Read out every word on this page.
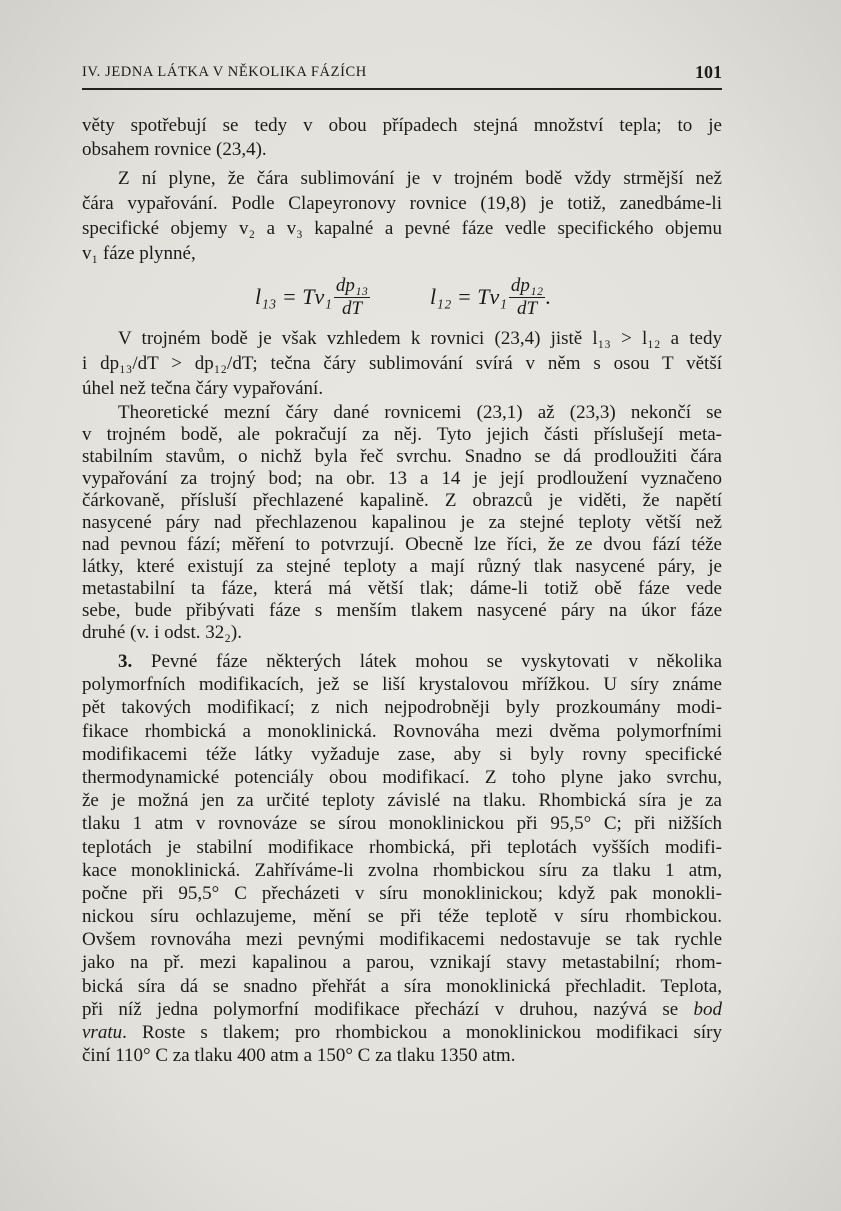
IV. JEDNA LÁTKA V NĚKOLIKA FÁZÍCH	101
věty spotřebují se tedy v obou případech stejná množství tepla; to je
obsahem rovnice (23,4).
Z ní plyne, že čára sublimování je v trojném bodě vždy strmější než
čára vypařování. Podle Clapeyronovy rovnice (19,8) je totiž, zanedbáme-li
specifické objemy v₂ a v₃ kapalné a pevné fáze vedle specifického objemu
v₁ fáze plynné,
$l_{13} = Tv_1 \frac{\text{dp₁₃}}{dT}$	$l_{12} = Tv_1 \frac{\text{dp₁₂}}{dT}$ .
V trojném bodě je však vzhledem k rovnici (23,4) jistě l₁₃ > l₁₂ a tedy
i dp₁₃/dT > dp₁₂/dT; tečna čáry sublimování svírá v něm s osou T větší
úhel než tečna čáry vypařování.
Theoretické mezní čáry dané rovnicemi (23,1) až (23,3) nekončí se
v trojném bodě, ale pokračují za něj. Tyto jejich části příslušejí meta-
stabilním stavům, o nichž byla řeč svrchu. Snadno se dá prodloužiti čára
vypařování za trojný bod; na obr. 13 a 14 je její prodloužení vyznačeno
čárkovaně, přísluší přechlazené kapalině. Z obrazců je viděti, že napětí
nasycené páry nad přechlazenou kapalinou je za stejné teploty větší než
nad pevnou fází; měření to potvrzují. Obecně lze říci, že ze dvou fází téže
látky, které existují za stejné teploty a mají různý tlak nasycené páry, je
metastabilní ta fáze, která má větší tlak; dáme-li totiž obě fáze vede
sebe, bude přibývati fáze s menším tlakem nasycené páry na úkor fáze
druhé (v. i odst. 32₂).
3. Pevné fáze některých látek mohou se vyskytovati v několika
polymorfních modifikacích, jež se liší krystalovou mřížkou. U síry známe
pět takových modifikací; z nich nejpodrobněji byly prozkoumány modi-
fikace rhombická a monoklinická. Rovnováha mezi dvěma polymorfními
modifikacemi téže látky vyžaduje zase, aby si byly rovny specifické
thermodynamické potenciály obou modifikací. Z toho plyne jako svrchu,
že je možná jen za určité teploty závislé na tlaku. Rhombická síra je za
tlaku 1 atm v rovnováze se sírou monoklinickou při 95,5° C; při nižších
teplotách je stabilní modifikace rhombická, při teplotách vyšších modifi-
kace monoklinická. Zahříváme-li zvolna rhombickou síru za tlaku 1 atm,
počne při 95,5° C přecházeti v síru monoklinickou; když pak monokli-
nickou síru ochlazujeme, mění se při téže teplotě v síru rhombickou.
Ovšem rovnováha mezi pevnými modifikacemi nedostavuje se tak rychle
jako na př. mezi kapalinou a parou, vznikají stavy metastabilní; rhom-
bická síra dá se snadno přehřát a síra monoklinická přechladit. Teplota,
při níž jedna polymorfní modifikace přechází v druhou, nazývá se bod
vratu. Roste s tlakem; pro rhombickou a monoklinickou modifikaci síry
činí 110° C za tlaku 400 atm a 150° C za tlaku 1350 atm.
